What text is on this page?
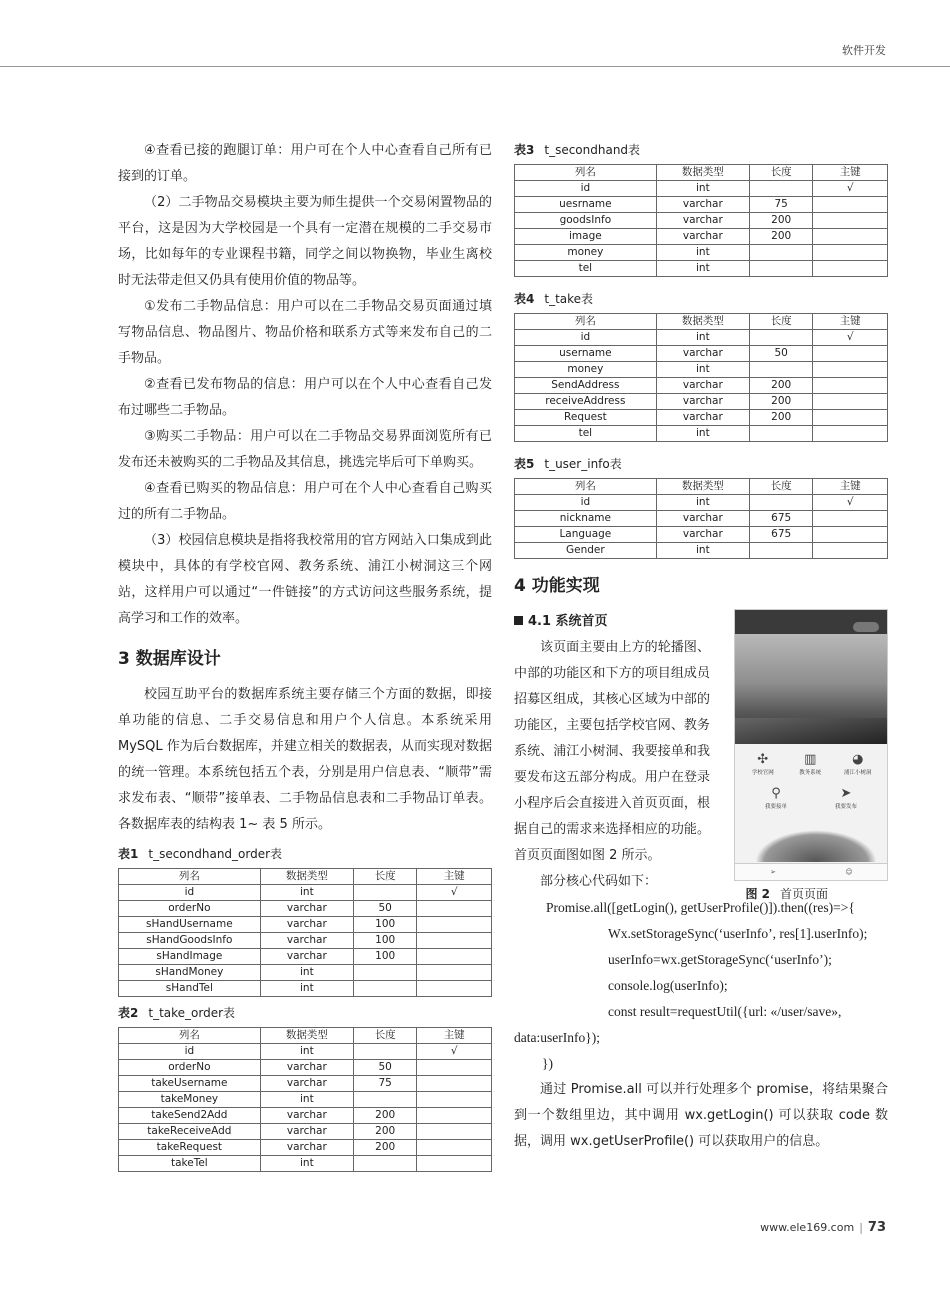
软件开发

④查看已接的跑腿订单：用户可在个人中心查看自己所有已接到的订单。

（2）二手物品交易模块主要为师生提供一个交易闲置物品的平台，这是因为大学校园是一个具有一定潜在规模的二手交易市场，比如每年的专业课程书籍，同学之间以物换物，毕业生离校时无法带走但又仍具有使用价值的物品等。

①发布二手物品信息：用户可以在二手物品交易页面通过填写物品信息、物品图片、物品价格和联系方式等来发布自己的二手物品。

②查看已发布物品的信息：用户可以在个人中心查看自己发布过哪些二手物品。

③购买二手物品：用户可以在二手物品交易界面浏览所有已发布还未被购买的二手物品及其信息，挑选完毕后可下单购买。

④查看已购买的物品信息：用户可在个人中心查看自己购买过的所有二手物品。

（3）校园信息模块是指将我校常用的官方网站入口集成到此模块中，具体的有学校官网、教务系统、浦江小树洞这三个网站，这样用户可以通过“一件链接”的方式访问这些服务系统，提高学习和工作的效率。

3 数据库设计

校园互助平台的数据库系统主要存储三个方面的数据，即接单功能的信息、二手交易信息和用户个人信息。本系统采用 MySQL 作为后台数据库，并建立相关的数据表，从而实现对数据的统一管理。本系统包括五个表，分别是用户信息表、“顺带”需求发布表、“顺带”接单表、二手物品信息表和二手物品订单表。各数据库表的结构表 1~ 表 5 所示。

表1 t_secondhand_order表
列名	数据类型	长度	主键
id	int		√
orderNo	varchar	50	
sHandUsername	varchar	100	
sHandGoodsInfo	varchar	100	
sHandImage	varchar	100	
sHandMoney	int		
sHandTel	int		
表2 t_take_order表
列名	数据类型	长度	主键
id	int		√
orderNo	varchar	50	
takeUsername	varchar	75	
takeMoney	int		
takeSend2Add	varchar	200	
takeReceiveAdd	varchar	200	
takeRequest	varchar	200	
takeTel	int		
表3 t_secondhand表
列名	数据类型	长度	主键
id	int		√
uesrname	varchar	75	
goodsInfo	varchar	200	
image	varchar	200	
money	int		
tel	int		
表4 t_take表
列名	数据类型	长度	主键
id	int		√
username	varchar	50	
money	int		
SendAddress	varchar	200	
receiveAddress	varchar	200	
Request	varchar	200	
tel	int		
表5 t_user_info表
列名	数据类型	长度	主键
id	int		√
nickname	varchar	675	
Language	varchar	675	
Gender	int		
4 功能实现
4.1 系统首页

该页面主要由上方的轮播图、中部的功能区和下方的项目组成员招募区组成，其核心区域为中部的功能区，主要包括学校官网、教务系统、浦江小树洞、我要接单和我要发布这五部分构成。用户在登录小程序后会直接进入首页页面，根据自己的需求来选择相应的功能。首页页面图如图 2 所示。

部分核心代码如下：

✣
学校官网
▥
教务系统
◕
浦江小树洞
⚲
我要接单
➤
我要发布
➢	☺
图 2 首页页面

Promise.all([getLogin(), getUserProfile()]).then((res)=>{

Wx.setStorageSync(‘userInfo’, res[1].userInfo);

userInfo=wx.getStorageSync(‘userInfo’);

console.log(userInfo);

const result=requestUtil({url: «/user/save»,

data:userInfo});

})

通过 Promise.all 可以并行处理多个 promise，将结果聚合到一个数组里边，其中调用 wx.getLogin() 可以获取 code 数据，调用 wx.getUserProfile() 可以获取用户的信息。

www.ele169.com | 73
